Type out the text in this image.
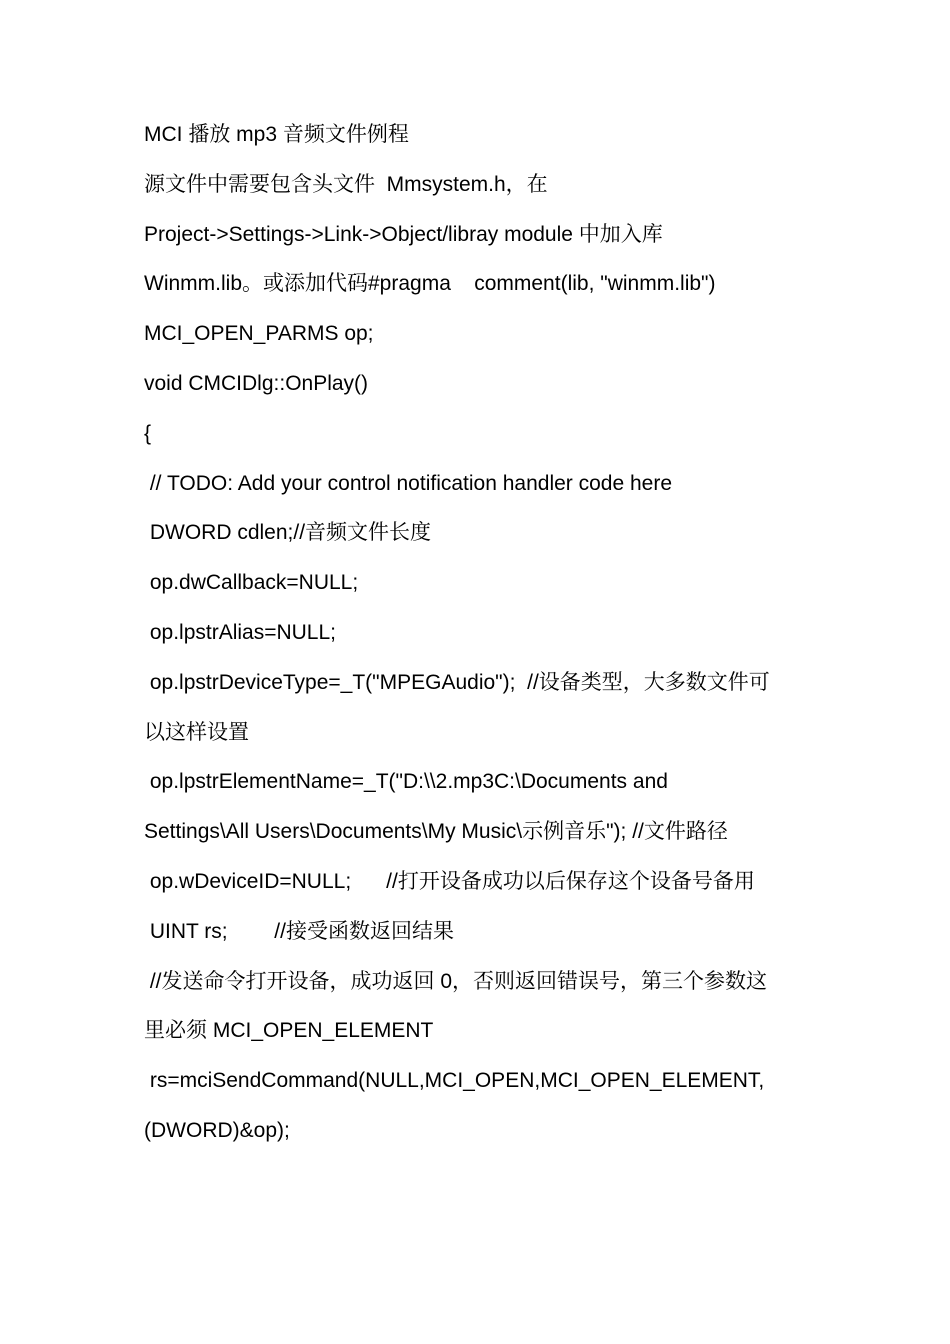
MCI 播放 mp3 音频文件例程
源文件中需要包含头文件  Mmsystem.h，在
Project->Settings->Link->Object/libray module 中加入库
Winmm.lib。或添加代码#pragma    comment(lib, "winmm.lib")
MCI_OPEN_PARMS op;
void CMCIDlg::OnPlay()
{
// TODO: Add your control notification handler code here
DWORD cdlen;//音频文件长度
op.dwCallback=NULL;
op.lpstrAlias=NULL;
op.lpstrDeviceType=_T("MPEGAudio");  //设备类型，大多数文件可
以这样设置
op.lpstrElementName=_T("D:\\2.mp3C:\Documents and
Settings\All Users\Documents\My Music\示例音乐"); //文件路径
op.wDeviceID=NULL;      //打开设备成功以后保存这个设备号备用
UINT rs;        //接受函数返回结果
//发送命令打开设备，成功返回 0，否则返回错误号，第三个参数这
里必须 MCI_OPEN_ELEMENT
rs=mciSendCommand(NULL,MCI_OPEN,MCI_OPEN_ELEMENT,
(DWORD)&op);
